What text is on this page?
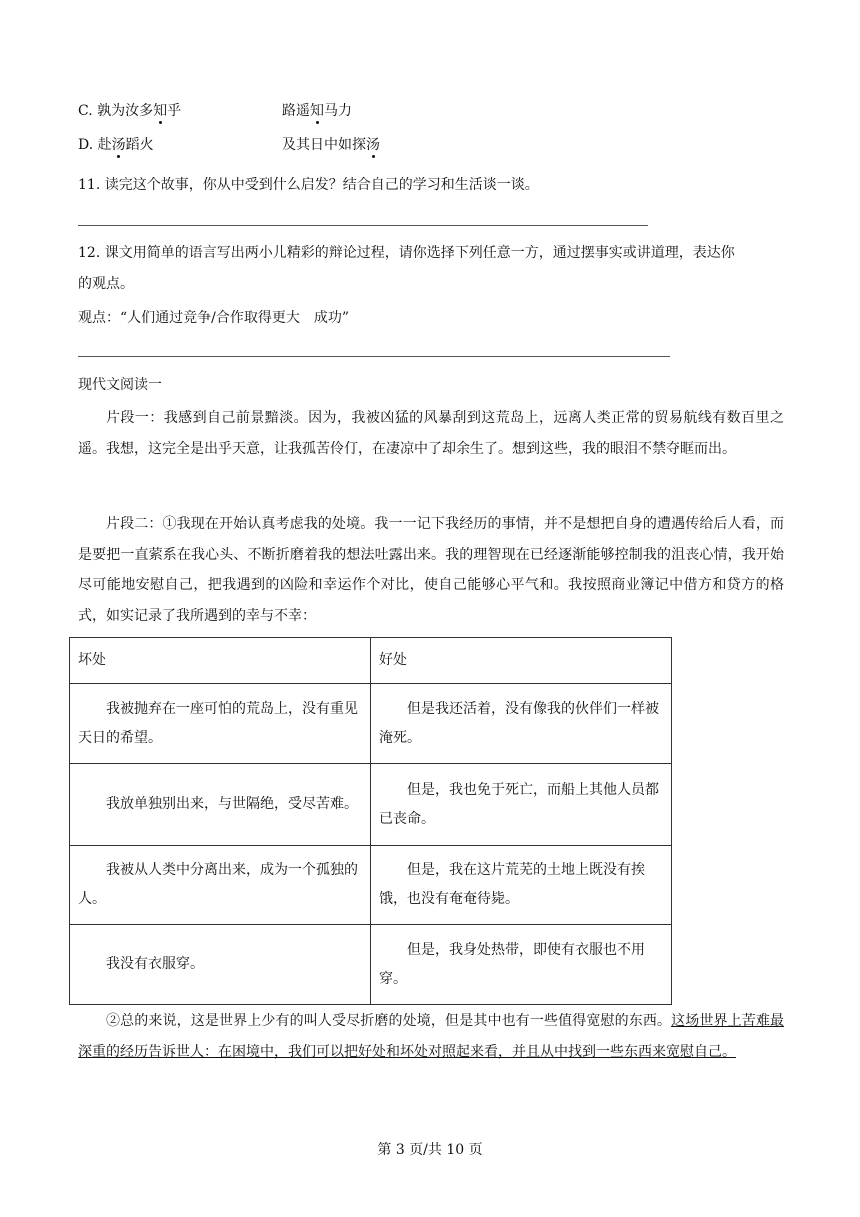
C. 孰为汝多知乎	路遥知马力
D. 赴汤蹈火	及其日中如探汤
11. 读完这个故事，你从中受到什么启发？结合自己的学习和生活谈一谈。
12. 课文用简单的语言写出两小儿精彩的辩论过程，请你选择下列任意一方，通过摆事实或讲道理，表达你
的观点。
观点：“人们通过竞争/合作取得更大　成功”
现代文阅读一
片段一：我感到自己前景黯淡。因为，我被凶猛的风暴刮到这荒岛上，远离人类正常的贸易航线有数百里之遥。我想，这完全是出乎天意，让我孤苦伶仃，在凄凉中了却余生了。想到这些，我的眼泪不禁夺眶而出。
片段二：①我现在开始认真考虑我的处境。我一一记下我经历的事情，并不是想把自身的遭遇传给后人看，而是要把一直萦系在我心头、不断折磨着我的想法吐露出来。我的理智现在已经逐渐能够控制我的沮丧心情，我开始尽可能地安慰自己，把我遇到的凶险和幸运作个对比，使自己能够心平气和。我按照商业簿记中借方和贷方的格式，如实记录了我所遇到的幸与不幸：
坏处	好处
我被抛弃在一座可怕的荒岛上，没有重见天日的希望。	但是我还活着，没有像我的伙伴们一样被淹死。
我放单独别出来，与世隔绝，受尽苦难。	但是，我也免于死亡，而船上其他人员都已丧命。
我被从人类中分离出来，成为一个孤独的人。	但是，我在这片荒芜的土地上既没有挨饿，也没有奄奄待毙。
我没有衣服穿。	但是，我身处热带，即使有衣服也不用穿。
②总的来说，这是世界上少有的叫人受尽折磨的处境，但是其中也有一些值得宽慰的东西。这场世界上苦难最深重的经历告诉世人：在困境中，我们可以把好处和坏处对照起来看，并且从中找到一些东西来宽慰自己。
第 3 页/共 10 页
